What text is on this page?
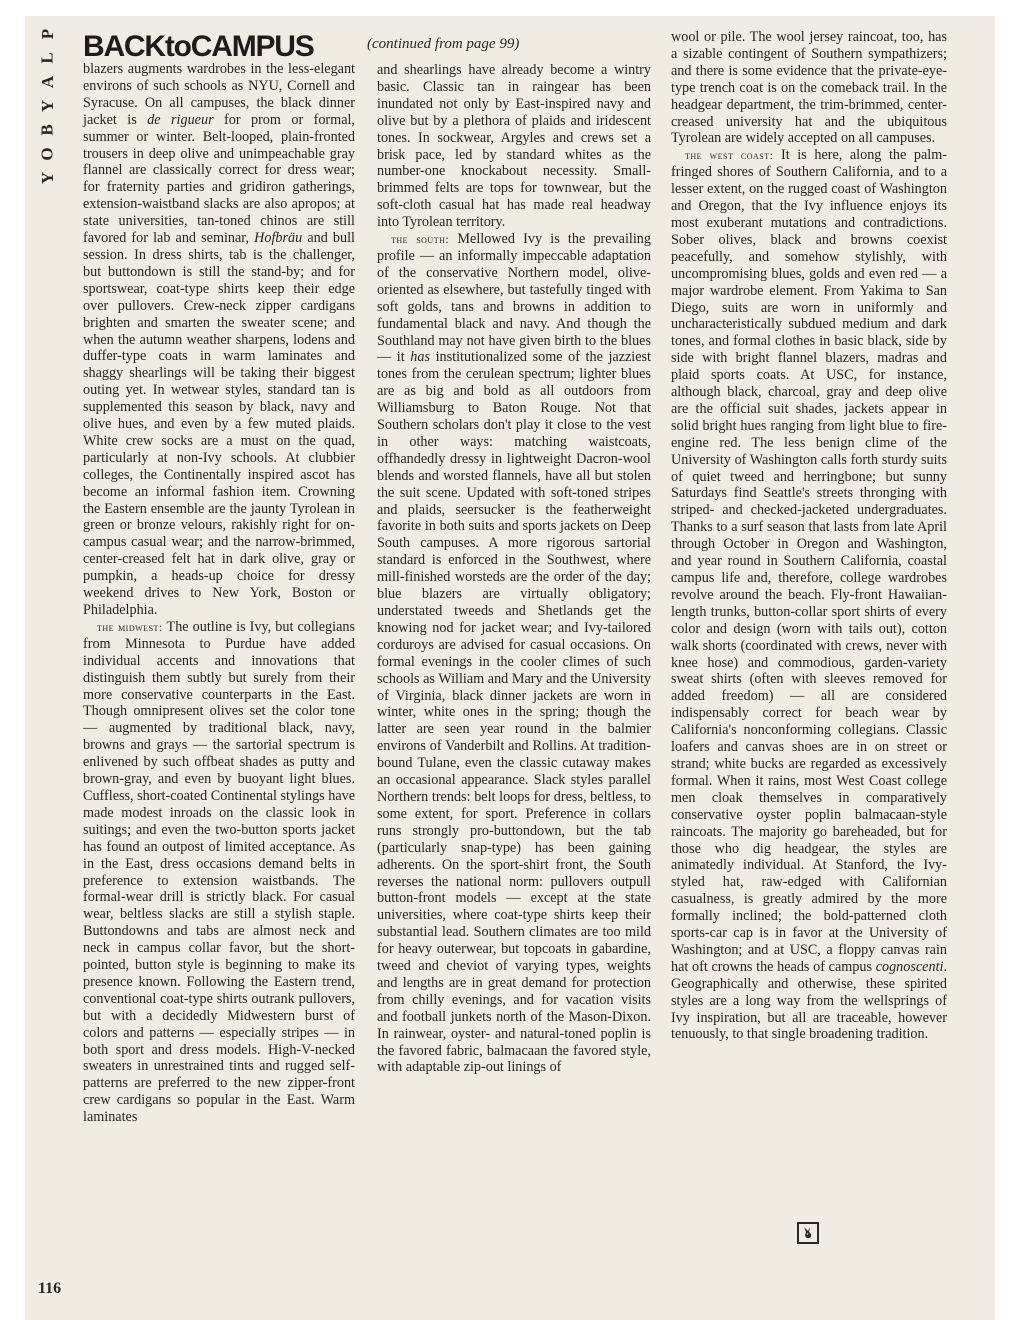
P
L
A
Y
B
O
Y
BACKtoCAMPUS	(continued from page 99)

blazers augments wardrobes in the less-elegant environs of such schools as NYU, Cornell and Syracuse. On all campuses, the black dinner jacket is de rigueur for prom or formal, summer or winter. Belt-looped, plain-fronted trousers in deep olive and unimpeachable gray flannel are classically correct for dress wear; for fraternity parties and gridiron gatherings, extension-waistband slacks are also apropos; at state universities, tan-toned chinos are still favored for lab and seminar, Hofbräu and bull session. In dress shirts, tab is the challenger, but buttondown is still the stand-by; and for sportswear, coat-type shirts keep their edge over pullovers. Crew-neck zipper cardigans brighten and smarten the sweater scene; and when the autumn weather sharpens, lodens and duffer-type coats in warm laminates and shaggy shearlings will be taking their biggest outing yet. In wetwear styles, standard tan is supplemented this season by black, navy and olive hues, and even by a few muted plaids. White crew socks are a must on the quad, particularly at non-Ivy schools. At clubbier colleges, the Continentally inspired ascot has become an informal fashion item. Crowning the Eastern ensemble are the jaunty Tyrolean in green or bronze velours, rakishly right for on-campus casual wear; and the narrow-brimmed, center-creased felt hat in dark olive, gray or pumpkin, a heads-up choice for dressy weekend drives to New York, Boston or Philadelphia.

the midwest: The outline is Ivy, but collegians from Minnesota to Purdue have added individual accents and innovations that distinguish them subtly but surely from their more conservative counterparts in the East. Though omnipresent olives set the color tone — augmented by traditional black, navy, browns and grays — the sartorial spectrum is enlivened by such offbeat shades as putty and brown-gray, and even by buoyant light blues. Cuffless, short-coated Continental stylings have made modest inroads on the classic look in suitings; and even the two-button sports jacket has found an outpost of limited acceptance. As in the East, dress occasions demand belts in preference to extension waistbands. The formal-wear drill is strictly black. For casual wear, beltless slacks are still a stylish staple. Buttondowns and tabs are almost neck and neck in campus collar favor, but the short-pointed, button style is beginning to make its presence known. Following the Eastern trend, conventional coat-type shirts outrank pullovers, but with a decidedly Midwestern burst of colors and patterns — especially stripes — in both sport and dress models. High-V-necked sweaters in unrestrained tints and rugged self-patterns are preferred to the new zipper-front crew cardigans so popular in the East. Warm laminates

and shearlings have already become a wintry basic. Classic tan in raingear has been inundated not only by East-inspired navy and olive but by a plethora of plaids and iridescent tones. In sockwear, Argyles and crews set a brisk pace, led by standard whites as the number-one knockabout necessity. Small-brimmed felts are tops for townwear, but the soft-cloth casual hat has made real headway into Tyrolean territory.

the south: Mellowed Ivy is the prevailing profile — an informally impeccable adaptation of the conservative Northern model, olive-oriented as elsewhere, but tastefully tinged with soft golds, tans and browns in addition to fundamental black and navy. And though the Southland may not have given birth to the blues — it has institutionalized some of the jazziest tones from the cerulean spectrum; lighter blues are as big and bold as all outdoors from Williamsburg to Baton Rouge. Not that Southern scholars don't play it close to the vest in other ways: matching waistcoats, offhandedly dressy in lightweight Dacron-wool blends and worsted flannels, have all but stolen the suit scene. Updated with soft-toned stripes and plaids, seersucker is the featherweight favorite in both suits and sports jackets on Deep South campuses. A more rigorous sartorial standard is enforced in the Southwest, where mill-finished worsteds are the order of the day; blue blazers are virtually obligatory; understated tweeds and Shetlands get the knowing nod for jacket wear; and Ivy-tailored corduroys are advised for casual occasions. On formal evenings in the cooler climes of such schools as William and Mary and the University of Virginia, black dinner jackets are worn in winter, white ones in the spring; though the latter are seen year round in the balmier environs of Vanderbilt and Rollins. At tradition-bound Tulane, even the classic cutaway makes an occasional appearance. Slack styles parallel Northern trends: belt loops for dress, beltless, to some extent, for sport. Preference in collars runs strongly pro-buttondown, but the tab (particularly snap-type) has been gaining adherents. On the sport-shirt front, the South reverses the national norm: pullovers outpull button-front models — except at the state universities, where coat-type shirts keep their substantial lead. Southern climates are too mild for heavy outerwear, but topcoats in gabardine, tweed and cheviot of varying types, weights and lengths are in great demand for protection from chilly evenings, and for vacation visits and football junkets north of the Mason-Dixon. In rainwear, oyster- and natural-toned poplin is the favored fabric, balmacaan the favored style, with adaptable zip-out linings of

wool or pile. The wool jersey raincoat, too, has a sizable contingent of Southern sympathizers; and there is some evidence that the private-eye-type trench coat is on the comeback trail. In the headgear department, the trim-brimmed, center-creased university hat and the ubiquitous Tyrolean are widely accepted on all campuses.

the west coast: It is here, along the palm-fringed shores of Southern California, and to a lesser extent, on the rugged coast of Washington and Oregon, that the Ivy influence enjoys its most exuberant mutations and contradictions. Sober olives, black and browns coexist peacefully, and somehow stylishly, with uncompromising blues, golds and even red — a major wardrobe element. From Yakima to San Diego, suits are worn in uniformly and uncharacteristically subdued medium and dark tones, and formal clothes in basic black, side by side with bright flannel blazers, madras and plaid sports coats. At USC, for instance, although black, charcoal, gray and deep olive are the official suit shades, jackets appear in solid bright hues ranging from light blue to fire-engine red. The less benign clime of the University of Washington calls forth sturdy suits of quiet tweed and herringbone; but sunny Saturdays find Seattle's streets thronging with striped- and checked-jacketed undergraduates. Thanks to a surf season that lasts from late April through October in Oregon and Washington, and year round in Southern California, coastal campus life and, therefore, college wardrobes revolve around the beach. Fly-front Hawaiian-length trunks, button-collar sport shirts of every color and design (worn with tails out), cotton walk shorts (coordinated with crews, never with knee hose) and commodious, garden-variety sweat shirts (often with sleeves removed for added freedom) — all are considered indispensably correct for beach wear by California's nonconforming collegians. Classic loafers and canvas shoes are in on street or strand; white bucks are regarded as excessively formal. When it rains, most West Coast college men cloak themselves in comparatively conservative oyster poplin balmacaan-style raincoats. The majority go bareheaded, but for those who dig headgear, the styles are animatedly individual. At Stanford, the Ivy-styled hat, raw-edged with Californian casualness, is greatly admired by the more formally inclined; the bold-patterned cloth sports-car cap is in favor at the University of Washington; and at USC, a floppy canvas rain hat oft crowns the heads of campus cognoscenti. Geographically and otherwise, these spirited styles are a long way from the wellsprings of Ivy inspiration, but all are traceable, however tenuously, to that single broadening tradition.

116
